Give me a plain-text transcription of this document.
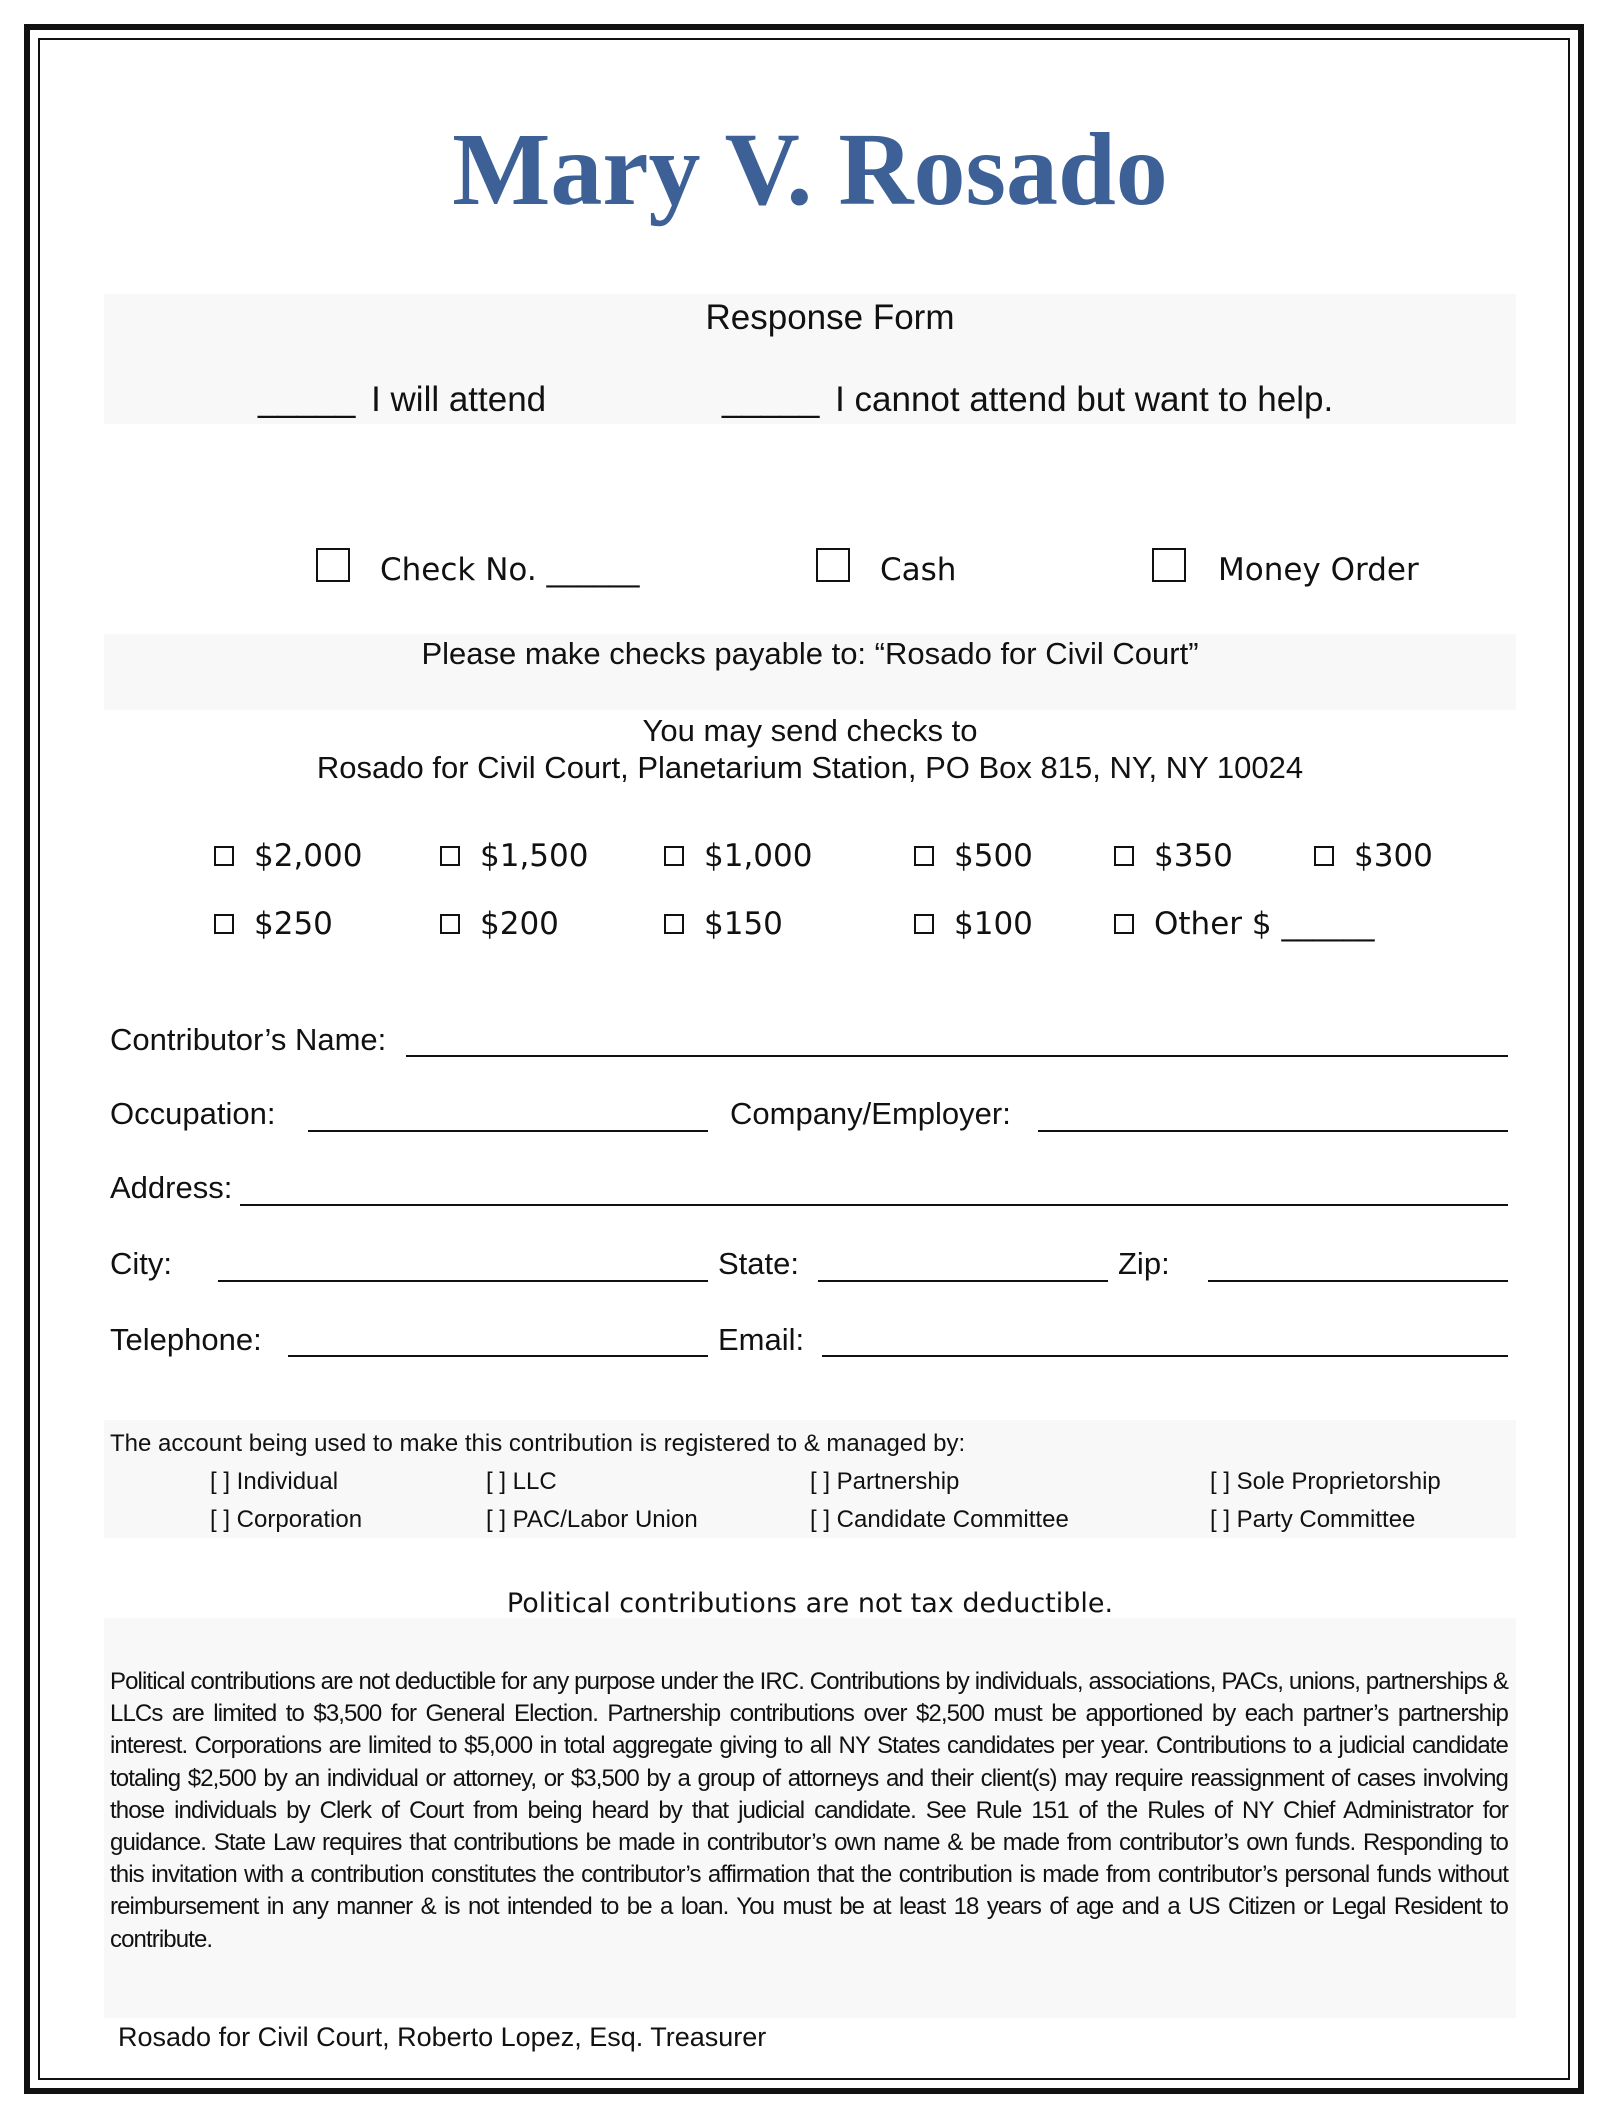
Mary V. Rosado
Response Form
_____ I will attend	_____ I cannot attend but want to help.
Check No. ______	Cash	Money Order
Please make checks payable to: “Rosado for Civil Court”
You may send checks to
Rosado for Civil Court, Planetarium Station, PO Box 815, NY, NY 10024
$2,000	$1,500	$1,000	$500	$350	$300
$250	$200	$150	$100	Other $ ______
Contributor’s Name:
Occupation:	Company/Employer:
Address:
City:	State:	Zip:
Telephone:	Email:
The account being used to make this contribution is registered to & managed by:
[ ] Individual	[ ] LLC	[ ] Partnership	[ ] Sole Proprietorship
[ ] Corporation	[ ] PAC/Labor Union	[ ] Candidate Committee	[ ] Party Committee
Political contributions are not tax deductible.
Political contributions are not deductible for any purpose under the IRC. Contributions by individuals, associations, PACs, unions, partnerships & LLCs are limited to $3,500 for General Election. Partnership contributions over $2,500 must be apportioned by each partner’s partnership interest. Corporations are limited to $5,000 in total aggregate giving to all NY States candidates per year. Contributions to a judicial candidate totaling $2,500 by an individual or attorney, or $3,500 by a group of attorneys and their client(s) may require reassignment of cases involving those individuals by Clerk of Court from being heard by that judicial candidate. See Rule 151 of the Rules of NY Chief Administrator for guidance. State Law requires that contributions be made in contributor’s own name & be made from contributor’s own funds. Responding to this invitation with a contribution constitutes the contributor’s affirmation that the contribution is made from contributor’s personal funds without reimbursement in any manner & is not intended to be a loan. You must be at least 18 years of age and a US Citizen or Legal Resident to contribute.
Rosado for Civil Court, Roberto Lopez, Esq. Treasurer
